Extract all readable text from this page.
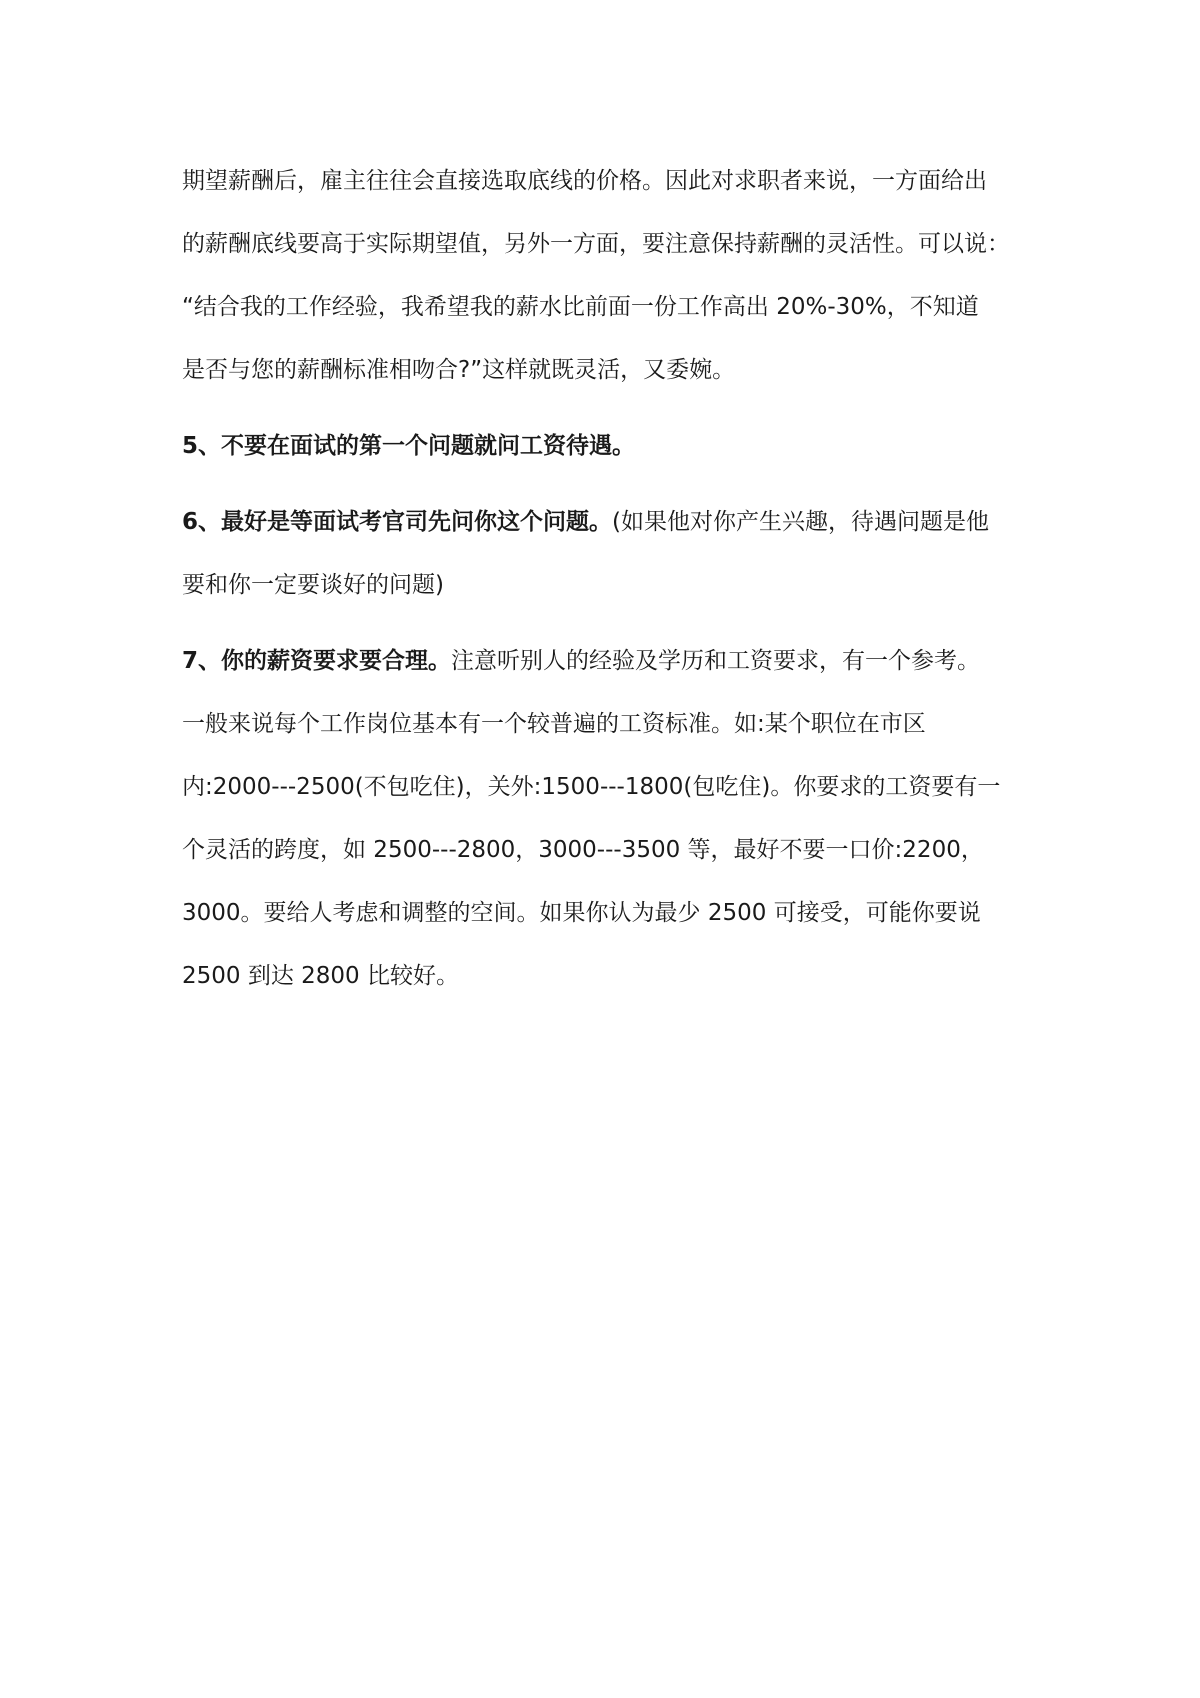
期望薪酬后，雇主往往会直接选取底线的价格。因此对求职者来说，一方面给出
的薪酬底线要高于实际期望值，另外一方面，要注意保持薪酬的灵活性。可以说：
“结合我的工作经验，我希望我的薪水比前面一份工作高出 20%-30%，不知道
是否与您的薪酬标准相吻合?”这样就既灵活，又委婉。
5、不要在面试的第一个问题就问工资待遇。
6、最好是等面试考官司先问你这个问题。(如果他对你产生兴趣，待遇问题是他
要和你一定要谈好的问题)
7、你的薪资要求要合理。注意听别人的经验及学历和工资要求，有一个参考。
一般来说每个工作岗位基本有一个较普遍的工资标准。如:某个职位在市区
内:2000---2500(不包吃住)，关外:1500---1800(包吃住)。你要求的工资要有一
个灵活的跨度，如 2500---2800，3000---3500 等，最好不要一口价:2200，
3000。要给人考虑和调整的空间。如果你认为最少 2500 可接受，可能你要说
2500 到达 2800 比较好。
